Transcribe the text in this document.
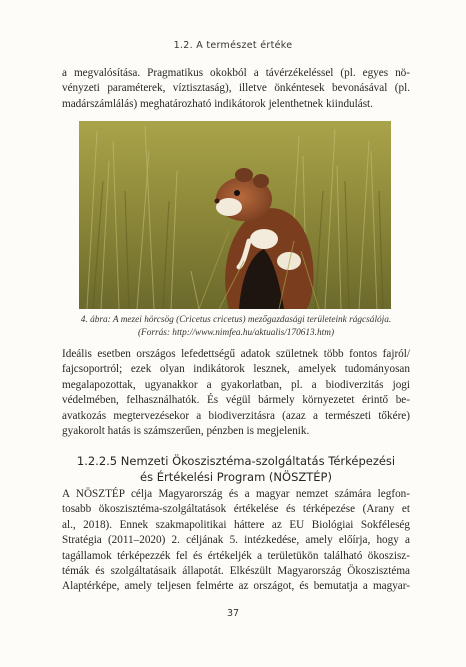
1.2. A természet értéke

a megvalósítása. Pragmatikus okokból a távérzékeléssel (pl. egyes nö-
vényzeti paraméterek, víztisztaság), illetve önkéntesek bevonásával (pl.
madárszámlálás) meghatározható indikátorok jelenthetnek kiindulást.

4. ábra: A mezei hörcsög (Cricetus cricetus) mezőgazdasági területeink rágcsálója.
(Forrás: http://www.nimfea.hu/aktualis/170613.htm)

Ideális esetben országos lefedettségű adatok születnek több fontos fajról/
fajcsoportról; ezek olyan indikátorok lesznek, amelyek tudományosan
megalapozottak, ugyanakkor a gyakorlatban, pl. a biodiverzitás jogi
védelmében, felhasználhatók. És végül bármely környezetet érintő be-
avatkozás megtervezésekor a biodiverzitásra (azaz a természeti tőkére)
gyakorolt hatás is számszerűen, pénzben is megjelenik.

1.2.2.5 Nemzeti Ökoszisztéma-szolgáltatás Térképezési
és Értékelési Program (NÖSZTÉP)

A NÖSZTÉP célja Magyarország és a magyar nemzet számára legfon-
tosabb ökoszisztéma-szolgáltatások értékelése és térképezése (Arany et
al., 2018). Ennek szakmapolitikai háttere az EU Biológiai Sokféleség
Stratégia (2011–2020) 2. céljának 5. intézkedése, amely előírja, hogy a
tagállamok térképezzék fel és értékeljék a területükön található ökoszisz-
témák és szolgáltatásaik állapotát. Elkészült Magyarország Ökoszisztéma
Alaptérképe, amely teljesen felmérte az országot, és bemutatja a magyar-

37
